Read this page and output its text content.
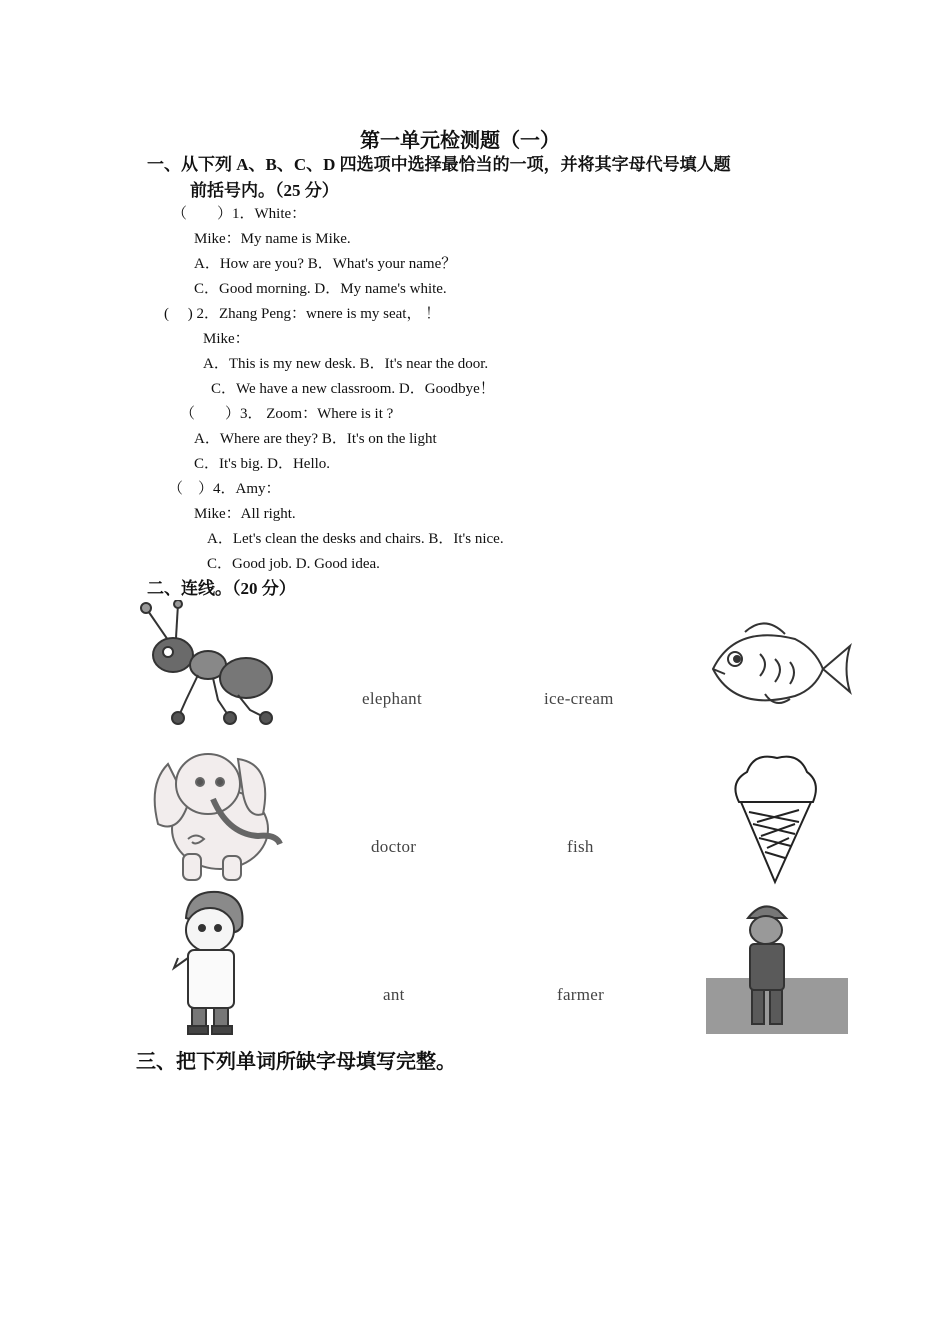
第一单元检测题（一）
一、从下列 A、B、C、D 四选项中选择最恰当的一项，并将其字母代号填人题
前括号内。（25 分）
（　　）1．White：
Mike：My name is Mike.
A．How are you? B．What's your name？
C．Good morning. D．My name's white.
(　 ) 2．Zhang Peng：wnere is my seat， ！
Mike：
A．This is my new desk. B．It's near the door.
C．We have a new classroom. D．Goodbye！
（　　）3． Zoom：Where is it ?
A．Where are they? B．It's on the light
C．It's big. D．Hello.
（　）4．Amy：
Mike：All right.
A．Let's clean the desks and chairs. B．It's nice.
C．Good job. D. Good idea.
二、连线。（20 分）
elephant	ice-cream
doctor	fish
ant	farmer
三、把下列单词所缺字母填写完整。
